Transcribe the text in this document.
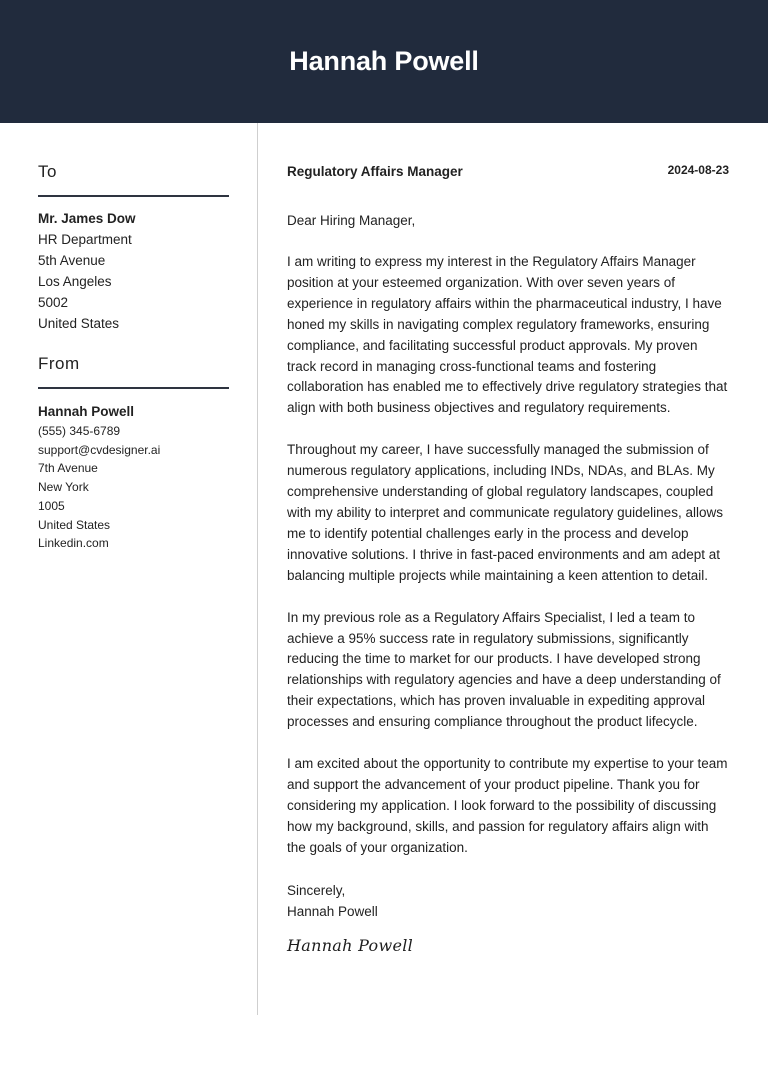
Hannah Powell
To
Mr. James Dow
HR Department
5th Avenue
Los Angeles
5002
United States
From
Hannah Powell
(555) 345-6789
support@cvdesigner.ai
7th Avenue
New York
1005
United States
Linkedin.com
Regulatory Affairs Manager	2024-08-23
Dear Hiring Manager,
I am writing to express my interest in the Regulatory Affairs Manager position at your esteemed organization. With over seven years of experience in regulatory affairs within the pharmaceutical industry, I have honed my skills in navigating complex regulatory frameworks, ensuring compliance, and facilitating successful product approvals. My proven track record in managing cross-functional teams and fostering collaboration has enabled me to effectively drive regulatory strategies that align with both business objectives and regulatory requirements.
Throughout my career, I have successfully managed the submission of numerous regulatory applications, including INDs, NDAs, and BLAs. My comprehensive understanding of global regulatory landscapes, coupled with my ability to interpret and communicate regulatory guidelines, allows me to identify potential challenges early in the process and develop innovative solutions. I thrive in fast-paced environments and am adept at balancing multiple projects while maintaining a keen attention to detail.
In my previous role as a Regulatory Affairs Specialist, I led a team to achieve a 95% success rate in regulatory submissions, significantly reducing the time to market for our products. I have developed strong relationships with regulatory agencies and have a deep understanding of their expectations, which has proven invaluable in expediting approval processes and ensuring compliance throughout the product lifecycle.
I am excited about the opportunity to contribute my expertise to your team and support the advancement of your product pipeline. Thank you for considering my application. I look forward to the possibility of discussing how my background, skills, and passion for regulatory affairs align with the goals of your organization.
Sincerely,
Hannah Powell
Hannah Powell
